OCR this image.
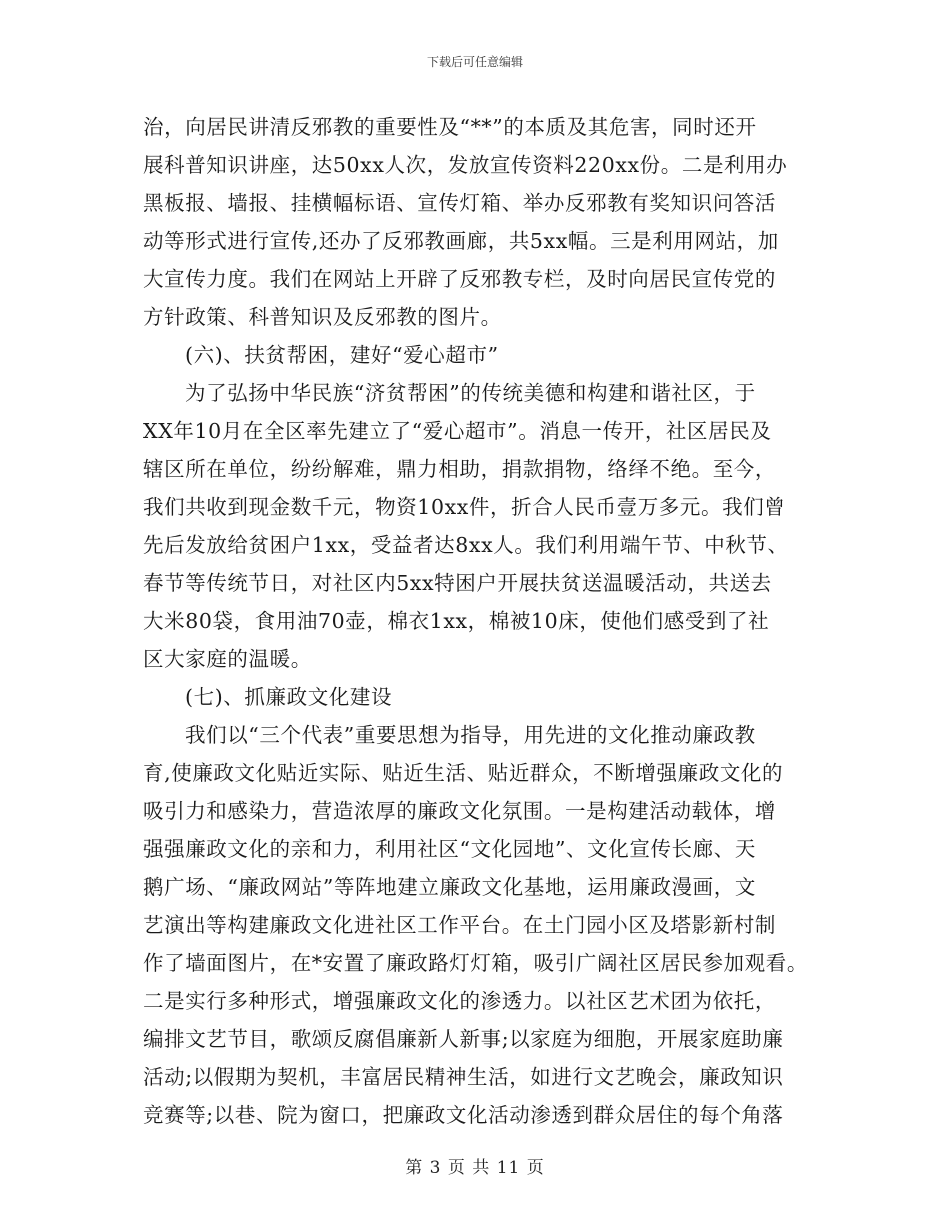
下载后可任意编辑
治，向居民讲清反邪教的重要性及“**”的本质及其危害，同时还开
展科普知识讲座，达50xx人次，发放宣传资料220xx份。二是利用办
黑板报、墙报、挂横幅标语、宣传灯箱、举办反邪教有奖知识问答活
动等形式进行宣传,还办了反邪教画廊，共5xx幅。三是利用网站，加
大宣传力度。我们在网站上开辟了反邪教专栏，及时向居民宣传党的
方针政策、科普知识及反邪教的图片。
(六)、扶贫帮困，建好“爱心超市”
为了弘扬中华民族“济贫帮困”的传统美德和构建和谐社区，于
XX年10月在全区率先建立了“爱心超市”。消息一传开，社区居民及
辖区所在单位，纷纷解难，鼎力相助，捐款捐物，络绎不绝。至今，
我们共收到现金数千元，物资10xx件，折合人民币壹万多元。我们曾
先后发放给贫困户1xx，受益者达8xx人。我们利用端午节、中秋节、
春节等传统节日，对社区内5xx特困户开展扶贫送温暖活动，共送去
大米80袋，食用油70壶，棉衣1xx，棉被10床，使他们感受到了社
区大家庭的温暖。
(七)、抓廉政文化建设
我们以“三个代表”重要思想为指导，用先进的文化推动廉政教
育,使廉政文化贴近实际、贴近生活、贴近群众，不断增强廉政文化的
吸引力和感染力，营造浓厚的廉政文化氛围。一是构建活动载体，增
强强廉政文化的亲和力，利用社区“文化园地”、文化宣传长廊、天
鹅广场、“廉政网站”等阵地建立廉政文化基地，运用廉政漫画，文
艺演出等构建廉政文化进社区工作平台。在土门园小区及塔影新村制
作了墙面图片，在*安置了廉政路灯灯箱，吸引广阔社区居民参加观看。
二是实行多种形式，增强廉政文化的渗透力。以社区艺术团为依托，
编排文艺节目，歌颂反腐倡廉新人新事;以家庭为细胞，开展家庭助廉
活动;以假期为契机，丰富居民精神生活，如进行文艺晚会，廉政知识
竞赛等;以巷、院为窗口，把廉政文化活动渗透到群众居住的每个角落
第 3 页 共 11 页
